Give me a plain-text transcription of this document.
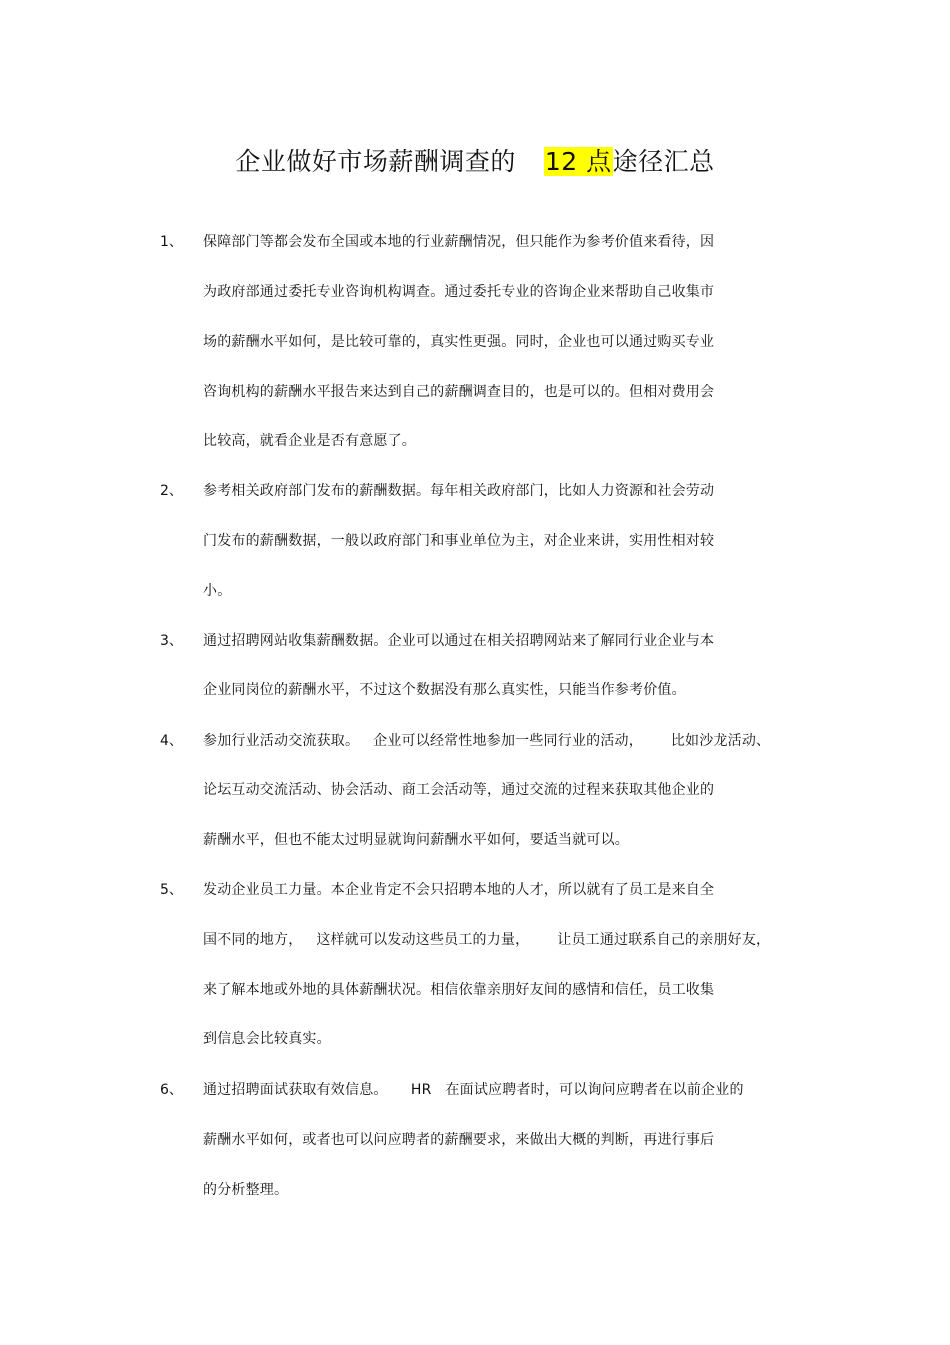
企业做好市场薪酬调查的 12 点途径汇总
1、 保障部门等都会发布全国或本地的行业薪酬情况，但只能作为参考价值来看待，因
为政府部通过委托专业咨询机构调查。通过委托专业的咨询企业来帮助自己收集市
场的薪酬水平如何，是比较可靠的，真实性更强。同时，企业也可以通过购买专业
咨询机构的薪酬水平报告来达到自己的薪酬调查目的，也是可以的。但相对费用会
比较高，就看企业是否有意愿了。
2、 参考相关政府部门发布的薪酬数据。每年相关政府部门，比如人力资源和社会劳动
门发布的薪酬数据，一般以政府部门和事业单位为主，对企业来讲，实用性相对较
小。
3、 通过招聘网站收集薪酬数据。企业可以通过在相关招聘网站来了解同行业企业与本
企业同岗位的薪酬水平，不过这个数据没有那么真实性，只能当作参考价值。
4、 参加行业活动交流获取。   企业可以经常性地参加一些同行业的活动，      比如沙龙活动、
论坛互动交流活动、协会活动、商工会活动等，通过交流的过程来获取其他企业的
薪酬水平，但也不能太过明显就询问薪酬水平如何，要适当就可以。
5、 发动企业员工力量。本企业肯定不会只招聘本地的人才，所以就有了员工是来自全
国不同的地方，   这样就可以发动这些员工的力量，      让员工通过联系自己的亲朋好友，
来了解本地或外地的具体薪酬状况。相信依靠亲朋好友间的感情和信任，员工收集
到信息会比较真实。
6、 通过招聘面试获取有效信息。     HR   在面试应聘者时，可以询问应聘者在以前企业的
薪酬水平如何，或者也可以问应聘者的薪酬要求，来做出大概的判断，再进行事后
的分析整理。
